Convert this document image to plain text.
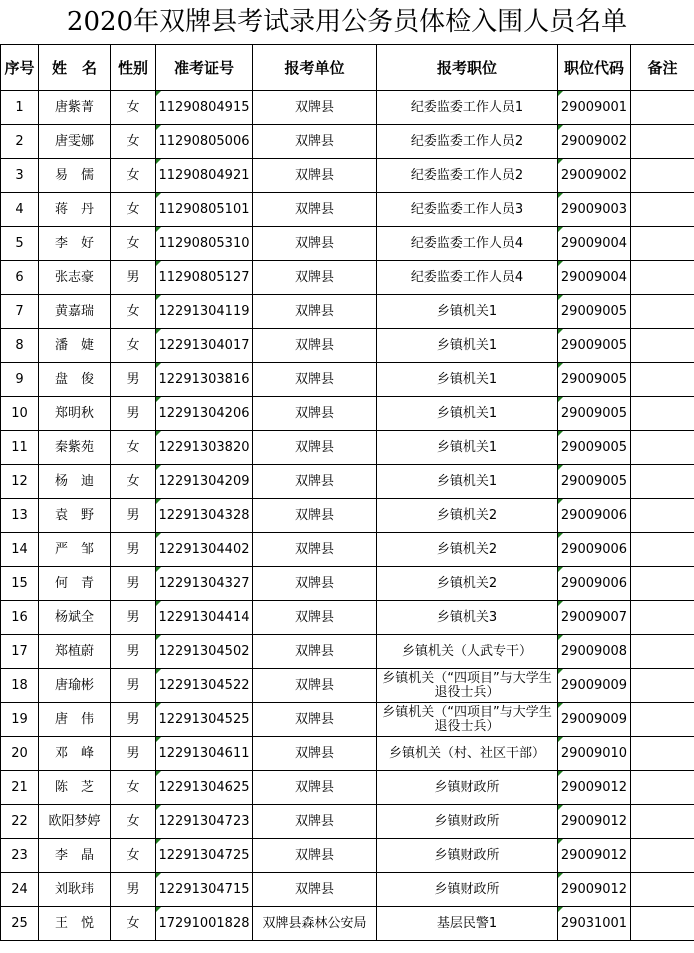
2020年双牌县考试录用公务员体检入围人员名单
序号	姓　名	性别	准考证号	报考单位	报考职位	职位代码	备注
1	唐紫菁	女	11290804915	双牌县	纪委监委工作人员1	29009001	
2	唐雯娜	女	11290805006	双牌县	纪委监委工作人员2	29009002	
3	易　儒	女	11290804921	双牌县	纪委监委工作人员2	29009002	
4	蒋　丹	女	11290805101	双牌县	纪委监委工作人员3	29009003	
5	李　好	女	11290805310	双牌县	纪委监委工作人员4	29009004	
6	张志豪	男	11290805127	双牌县	纪委监委工作人员4	29009004	
7	黄嘉瑞	女	12291304119	双牌县	乡镇机关1	29009005	
8	潘　婕	女	12291304017	双牌县	乡镇机关1	29009005	
9	盘　俊	男	12291303816	双牌县	乡镇机关1	29009005	
10	郑明秋	男	12291304206	双牌县	乡镇机关1	29009005	
11	秦紫苑	女	12291303820	双牌县	乡镇机关1	29009005	
12	杨　迪	女	12291304209	双牌县	乡镇机关1	29009005	
13	袁　野	男	12291304328	双牌县	乡镇机关2	29009006	
14	严　邹	男	12291304402	双牌县	乡镇机关2	29009006	
15	何　青	男	12291304327	双牌县	乡镇机关2	29009006	
16	杨斌全	男	12291304414	双牌县	乡镇机关3	29009007	
17	郑植蔚	男	12291304502	双牌县	乡镇机关（人武专干）	29009008	
18	唐瑜彬	男	12291304522	双牌县	乡镇机关（“四项目”与大学生退役士兵）	29009009	
19	唐　伟	男	12291304525	双牌县	乡镇机关（“四项目”与大学生退役士兵）	29009009	
20	邓　峰	男	12291304611	双牌县	乡镇机关（村、社区干部）	29009010	
21	陈　芝	女	12291304625	双牌县	乡镇财政所	29009012	
22	欧阳梦婷	女	12291304723	双牌县	乡镇财政所	29009012	
23	李　晶	女	12291304725	双牌县	乡镇财政所	29009012	
24	刘耿玮	男	12291304715	双牌县	乡镇财政所	29009012	
25	王　悦	女	17291001828	双牌县森林公安局	基层民警1	29031001	
